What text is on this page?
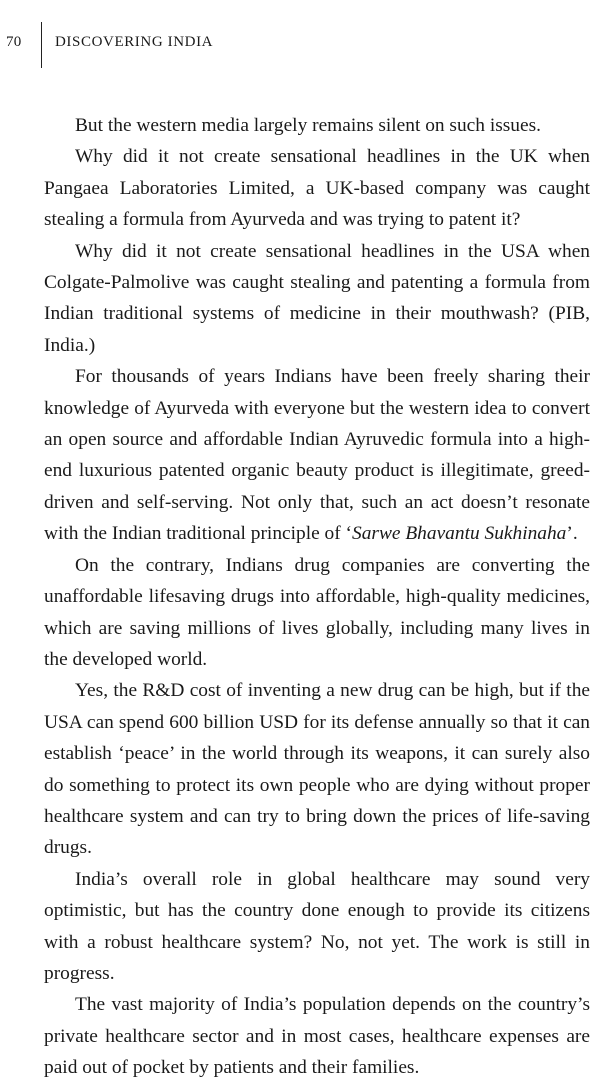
70 DISCOVERING INDIA

But the western media largely remains silent on such issues.

Why did it not create sensational headlines in the UK when Pangaea Laboratories Limited, a UK-based company was caught stealing a formula from Ayurveda and was trying to patent it?

Why did it not create sensational headlines in the USA when Colgate-Palmolive was caught stealing and patenting a formula from Indian traditional systems of medicine in their mouthwash? (PIB, India.)

For thousands of years Indians have been freely sharing their knowledge of Ayurveda with everyone but the western idea to convert an open source and affordable Indian Ayruvedic formula into a high-end luxurious patented organic beauty product is illegitimate, greed-driven and self-serving. Not only that, such an act doesn’t resonate with the Indian traditional principle of ‘Sarwe Bhavantu Sukhinaha’.

On the contrary, Indians drug companies are converting the unaffordable lifesaving drugs into affordable, high-quality medicines, which are saving millions of lives globally, including many lives in the developed world.

Yes, the R&D cost of inventing a new drug can be high, but if the USA can spend 600 billion USD for its defense annually so that it can establish ‘peace’ in the world through its weapons, it can surely also do something to protect its own people who are dying without proper healthcare system and can try to bring down the prices of life-saving drugs.

India’s overall role in global healthcare may sound very optimistic, but has the country done enough to provide its citizens with a robust healthcare system? No, not yet. The work is still in progress.

The vast majority of India’s population depends on the country’s private healthcare sector and in most cases, healthcare expenses are paid out of pocket by patients and their families.
